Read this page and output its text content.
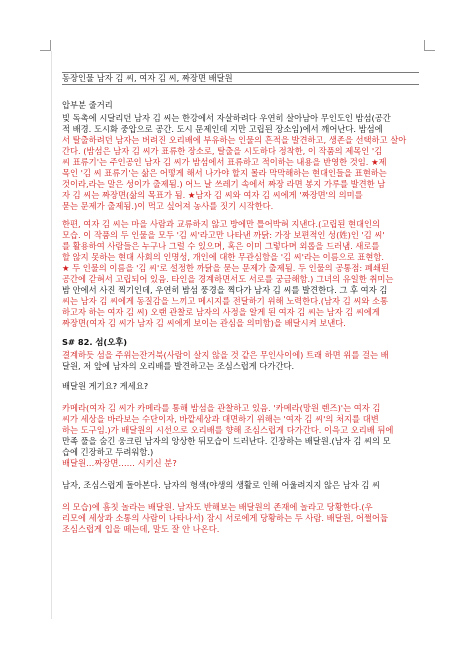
동장인물 남자 김 씨, 여자 김 씨, 짜장면 배달원
압부분 줄거리
빚 독촉에 시달리던 남자 김 씨는 한강에서 자살하려다 우연히 살아남아 무인도인 밤섬(공간
적 배경. 도시화 중압으로 공간. 도시 문제인데 지만 고립된 장소임)에서 깨어난다. 밤섬에
서 탈출하려던 남자는 버려진 오리배에 부유하는 인물의 흔적을 발견하고, 생존을 선택하고 살아
간다. (밤섬은 남자 김 씨가 표류한 장소로, 탈출을 시도하다 정착한, 이 작품의 제목인 '김
씨 표류기'는 주인공인 남자 김 씨가 밤섬에서 표류하고 적이하는 내용을 반영한 것임. ★제
목인 '김 씨 표류기'는 삶은 어떻게 해서 나가야 할지 몰라 막막해하는 현대인들을 표현하는
것이라,라는 말은 성이가 출제됨.) 어느 날 쓰레기 속에서 짜장 라면 봉지 가루를 발견한 남
자 김 씨는 짜장면(삶의 목표가 됨. ★남자 김 씨와 여자 김 씨에게 '짜장면'의 의미를
묻는 문제가 출제됨.)이 먹고 싶어져 농사를 짓기 시작한다.
한편, 여자 김 씨는 마을 사람과 교류하지 않고 방에만 틀어박혀 지낸다.(고립된 현대인의
모습. 이 작품의 두 인물을 모두 '김 씨'라고만 나타낸 까닭: 가장 보편적인 성(姓)인 '김 씨'
를 활용하여 사람들은 누구나 그럴 수 있으며, 혹은 이미 그렇다며 외롭을 드러냄. 새로를
할 않지 못하는 현대 사회의 인명성, 개인에 대한 무관심함을 '김 씨'라는 이름으로 표현함.
★ 두 인물의 이름을 '김 씨'로 설정한 까닭을 묻는 문제가 출제됨. 두 인물의 공통점: 폐쇄된
공간에 갇혀서 고립되어 있음. 타인을 경계하면서도 서로를 궁금해함.) 그녀의 유일한 취미는
밤 안에서 사진 찍기인데, 우연히 밤섬 풍경을 찍다가 남자 김 씨를 발견한다. 그 후 여자 김
씨는 남자 김 씨에게 동질감을 느끼고 메시지를 전달하기 위해 노력한다.(남자 김 씨와 소통
하고자 하는 여자 김 씨) 오랜 관찰로 남자의 사정을 알게 된 여자 김 씨는 남자 김 씨에게
짜장면(여자 김 씨가 남자 김 씨에게 보이는 관심을 의미함)을 배달시켜 보낸다.
S# 82. 섬(오후)
결계하듯 섬을 주위는잔거북(사람이 살지 않을 것 같은 무인사이에) 트래 하면 위를 걸는 배
달원, 저 앞에 남자의 오리배를 발견하고는 조심스럽게 다가간다.
배달원 게기요? 게세요?
카메라(여자 김 씨가 카메라를 통해 밤섬을 관찰하고 있음. '카메라(망원 렌즈)'는 여자 김
씨가 세상을 바라보는 수단이자, 바깥세상과 대면하기 위해는 '여자 김 씨'의 처지를 대변
하는 도구임.)가 배달원의 시선으로 오리배를 향해 조심스럽게 다가간다. 이윽고 오리배 뒤에
만족 풀을 숨긴 웅크린 남자의 앙상한 뒤모습이 드러난다. 긴장하는 배달원.(남자 김 씨의 모
습에 긴장하고 두려워함.)
배달원…짜장면…… 시키신 분?
남자, 조심스럽게 돌아본다. 남자의 형색(야생의 생활로 인해 어울려지지 않은 남자 김 씨
의 모습)에 흠칫 놀라는 배달원. 남자도 반해보는 배달원의 존재에 놀라고 당황한다.(우
리모에 세상과 소통의 사람이 나타나서) 잠시 서로에게 당황하는 두 사람. 배달원, 어쩔어둡
조심스럽게 입을 떼는데, 말도 잘 안 나온다.
